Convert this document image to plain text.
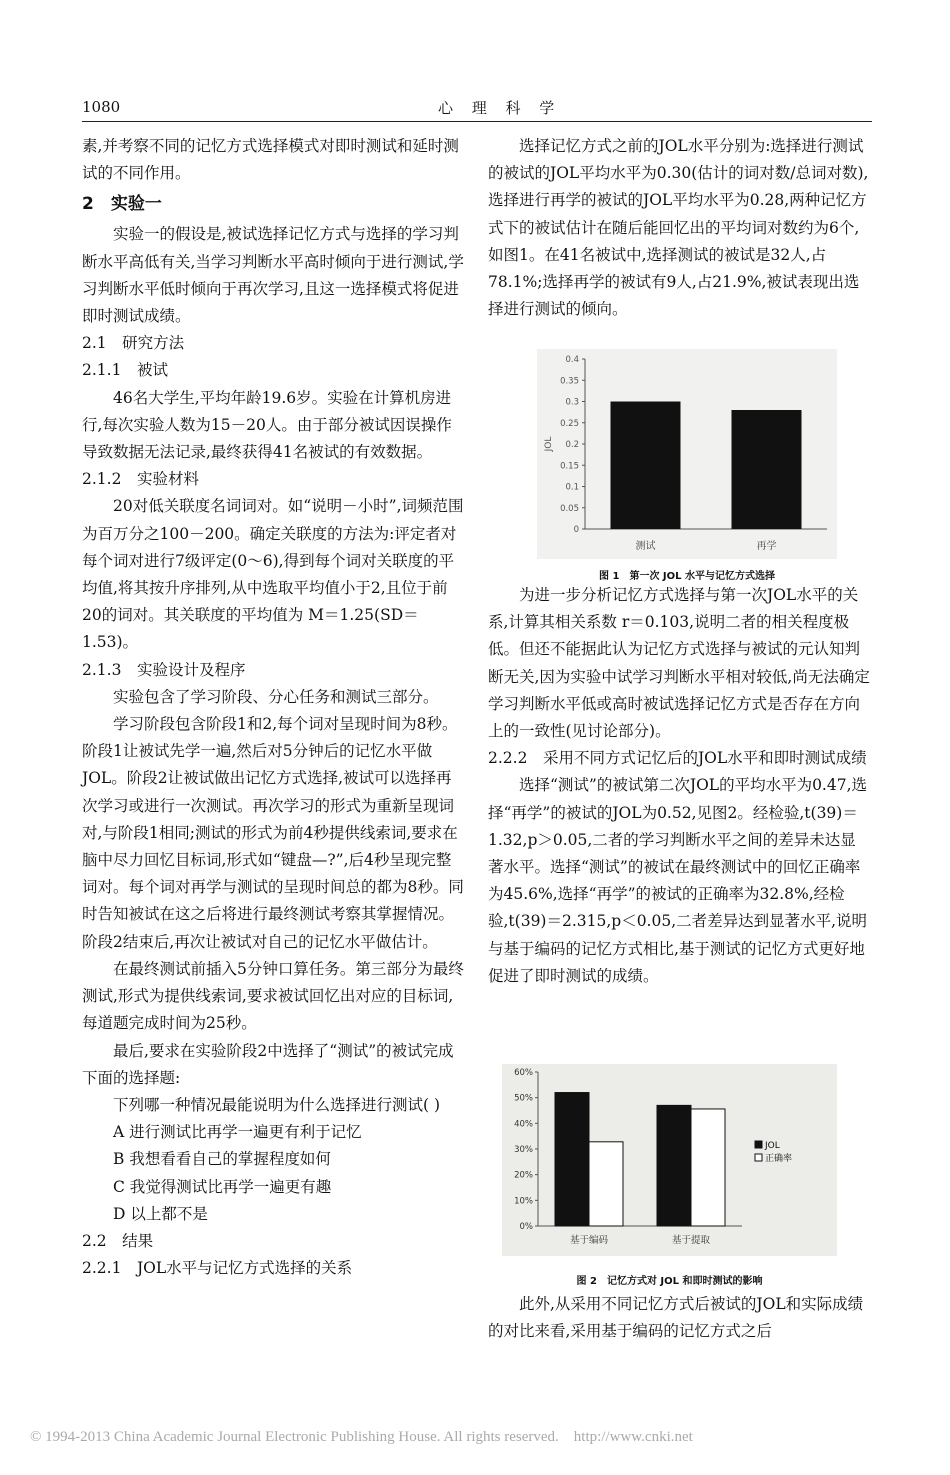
1080	心 理 科 学

素,并考察不同的记忆方式选择模式对即时测试和延时测试的不同作用。

2　实验一

实验一的假设是,被试选择记忆方式与选择的学习判断水平高低有关,当学习判断水平高时倾向于进行测试,学习判断水平低时倾向于再次学习,且这一选择模式将促进即时测试成绩。

2.1　研究方法

2.1.1　被试

46名大学生,平均年龄19.6岁。实验在计算机房进行,每次实验人数为15－20人。由于部分被试因误操作导致数据无法记录,最终获得41名被试的有效数据。

2.1.2　实验材料

20对低关联度名词词对。如“说明－小时”,词频范围为百万分之100－200。确定关联度的方法为:评定者对每个词对进行7级评定(0～6),得到每个词对关联度的平均值,将其按升序排列,从中选取平均值小于2,且位于前20的词对。其关联度的平均值为 M＝1.25(SD＝1.53)。

2.1.3　实验设计及程序

实验包含了学习阶段、分心任务和测试三部分。

学习阶段包含阶段1和2,每个词对呈现时间为8秒。阶段1让被试先学一遍,然后对5分钟后的记忆水平做JOL。阶段2让被试做出记忆方式选择,被试可以选择再次学习或进行一次测试。再次学习的形式为重新呈现词对,与阶段1相同;测试的形式为前4秒提供线索词,要求在脑中尽力回忆目标词,形式如“键盘—?”,后4秒呈现完整词对。每个词对再学与测试的呈现时间总的都为8秒。同时告知被试在这之后将进行最终测试考察其掌握情况。阶段2结束后,再次让被试对自己的记忆水平做估计。

在最终测试前插入5分钟口算任务。第三部分为最终测试,形式为提供线索词,要求被试回忆出对应的目标词,每道题完成时间为25秒。

最后,要求在实验阶段2中选择了“测试”的被试完成下面的选择题:

下列哪一种情况最能说明为什么选择进行测试( )

A 进行测试比再学一遍更有利于记忆

B 我想看看自己的掌握程度如何

C 我觉得测试比再学一遍更有趣

D 以上都不是

2.2　结果

2.2.1　JOL水平与记忆方式选择的关系

选择记忆方式之前的JOL水平分别为:选择进行测试的被试的JOL平均水平为0.30(估计的词对数/总词对数),选择进行再学的被试的JOL平均水平为0.28,两种记忆方式下的被试估计在随后能回忆出的平均词对数约为6个,如图1。在41名被试中,选择测试的被试是32人,占78.1%;选择再学的被试有9人,占21.9%,被试表现出选择进行测试的倾向。

0
0.05
0.1
0.15
0.2
0.25
0.3
0.35
0.4
JOL
测试	再学
图 1　第一次 JOL 水平与记忆方式选择

为进一步分析记忆方式选择与第一次JOL水平的关系,计算其相关系数 r＝0.103,说明二者的相关程度极低。但还不能据此认为记忆方式选择与被试的元认知判断无关,因为实验中试学习判断水平相对较低,尚无法确定学习判断水平低或高时被试选择记忆方式是否存在方向上的一致性(见讨论部分)。

2.2.2　采用不同方式记忆后的JOL水平和即时测试成绩

选择“测试”的被试第二次JOL的平均水平为0.47,选择“再学”的被试的JOL为0.52,见图2。经检验,t(39)＝1.32,p＞0.05,二者的学习判断水平之间的差异未达显著水平。选择“测试”的被试在最终测试中的回忆正确率为45.6%,选择“再学”的被试的正确率为32.8%,经检验,t(39)＝2.315,p＜0.05,二者差异达到显著水平,说明与基于编码的记忆方式相比,基于测试的记忆方式更好地促进了即时测试的成绩。

0%
10%
20%
30%
40%
50%
60%
基于编码	基于提取
JOL
正确率
图 2　记忆方式对 JOL 和即时测试的影响

此外,从采用不同记忆方式后被试的JOL和实际成绩的对比来看,采用基于编码的记忆方式之后

© 1994-2013 China Academic Journal Electronic Publishing House. All rights reserved.　http://www.cnki.net
